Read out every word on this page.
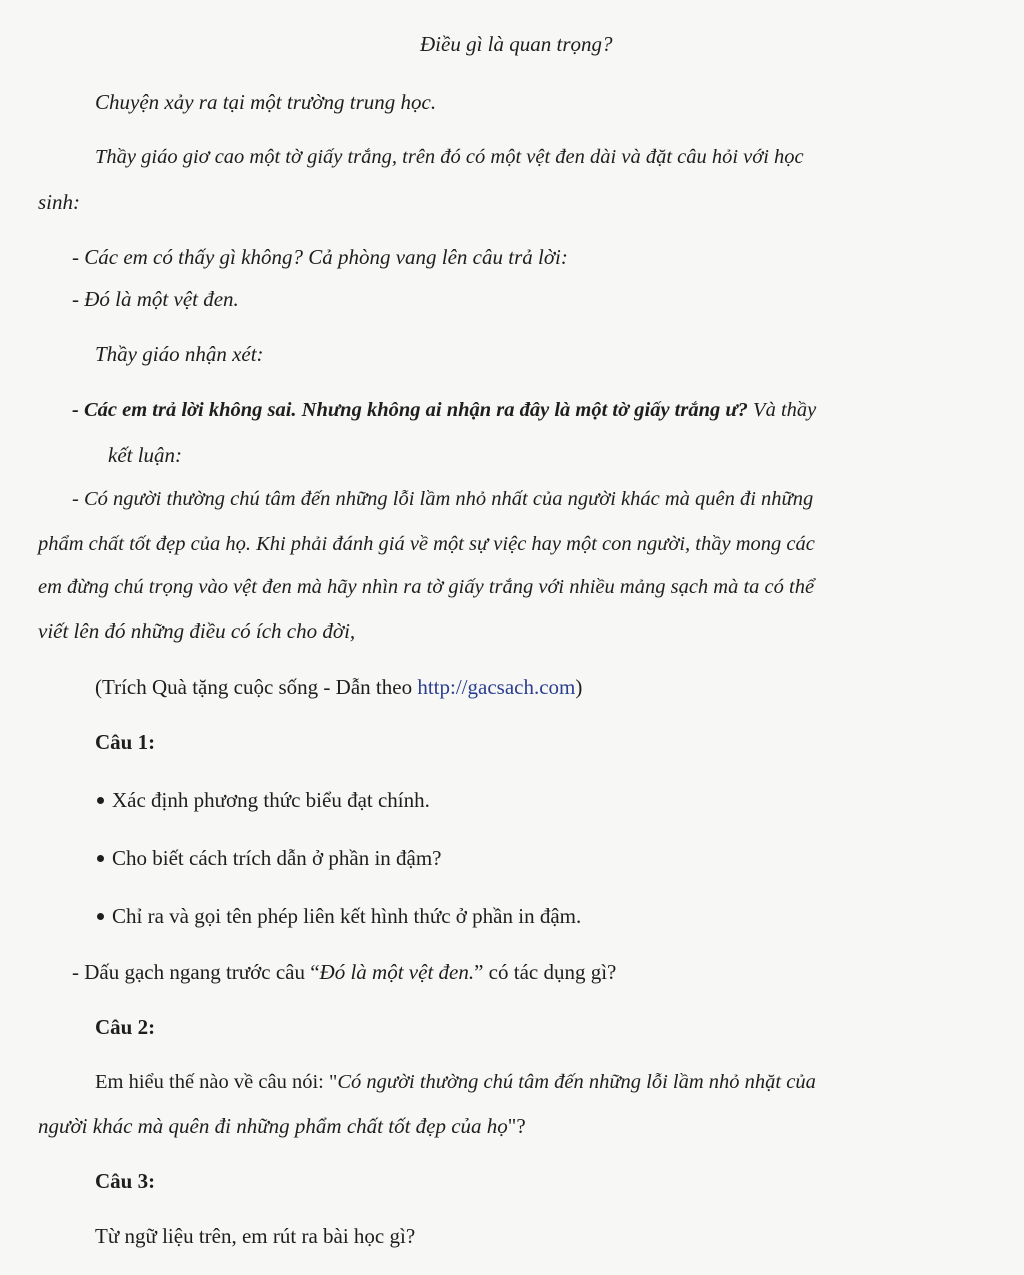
Điều gì là quan trọng?
Chuyện xảy ra tại một trường trung học.
Thầy giáo giơ cao một tờ giấy trắng, trên đó có một vệt đen dài và đặt câu hỏi với học
sinh:
- Các em có thấy gì không? Cả phòng vang lên câu trả lời:
- Đó là một vệt đen.
Thầy giáo nhận xét:
- Các em trả lời không sai. Nhưng không ai nhận ra đây là một tờ giấy trắng ư? Và thầy
kết luận:
- Có người thường chú tâm đến những lỗi lầm nhỏ nhất của người khác mà quên đi những
phẩm chất tốt đẹp của họ. Khi phải đánh giá về một sự việc hay một con người, thầy mong các
em đừng chú trọng vào vệt đen mà hãy nhìn ra tờ giấy trắng với nhiều mảng sạch mà ta có thể
viết lên đó những điều có ích cho đời,
(Trích Quà tặng cuộc sống - Dẫn theo http://gacsach.com)
Câu 1:
Xác định phương thức biểu đạt chính.
Cho biết cách trích dẫn ở phần in đậm?
Chỉ ra và gọi tên phép liên kết hình thức ở phần in đậm.
- Dấu gạch ngang trước câu “Đó là một vệt đen.” có tác dụng gì?
Câu 2:
Em hiểu thế nào về câu nói: "Có người thường chú tâm đến những lỗi lầm nhỏ nhặt của
người khác mà quên đi những phẩm chất tốt đẹp của họ"?
Câu 3:
Từ ngữ liệu trên, em rút ra bài học gì?
